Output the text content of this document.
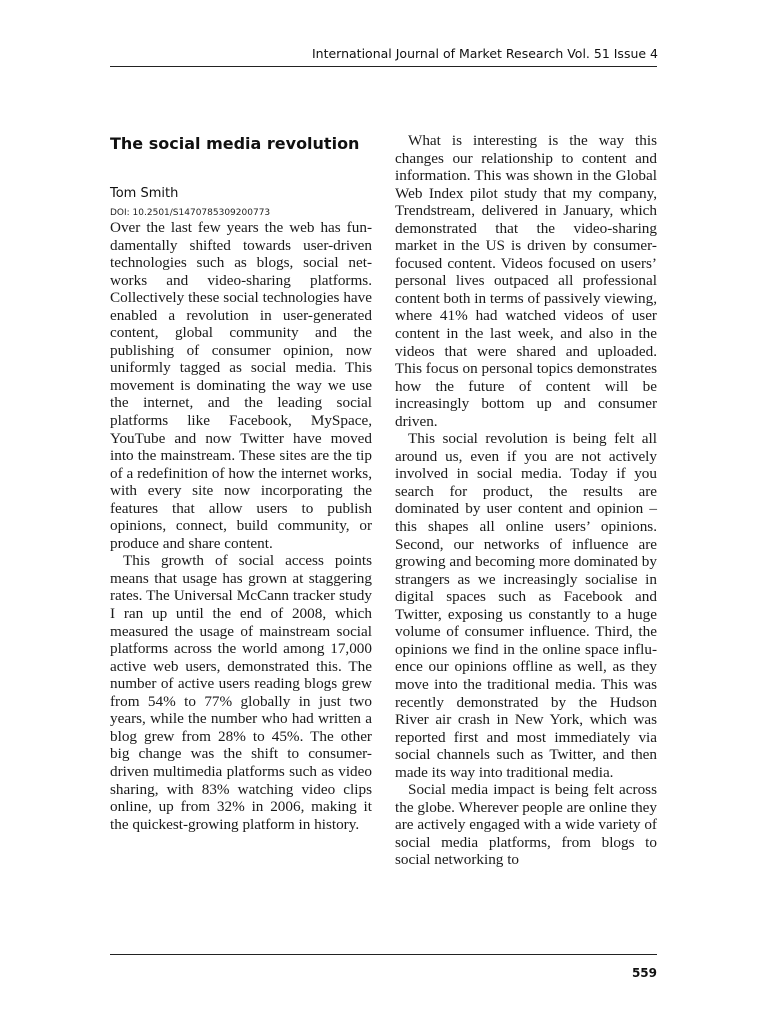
International Journal of Market Research Vol. 51 Issue 4
The social media revolution
Tom Smith
DOI: 10.2501/S1470785309200773

Over the last few years the web has fundamentally shifted towards user-driven technologies such as blogs, social networks and video-sharing platforms. Collectively these social technologies have enabled a revolution in user-generated content, global community and the publishing of consumer opinion, now uniformly tagged as social media. This movement is dominating the way we use the internet, and the leading social platforms like Facebook, MySpace, YouTube and now Twitter have moved into the mainstream. These sites are the tip of a redefinition of how the internet works, with every site now incorporating the features that allow users to publish opinions, connect, build community, or produce and share content.

This growth of social access points means that usage has grown at staggering rates. The Universal McCann tracker study I ran up until the end of 2008, which measured the usage of mainstream social platforms across the world among 17,000 active web users, demonstrated this. The number of active users reading blogs grew from 54% to 77% globally in just two years, while the number who had written a blog grew from 28% to 45%. The other big change was the shift to consumer-driven multimedia platforms such as video sharing, with 83% watching video clips online, up from 32% in 2006, making it the quickest-growing platform in history.

What is interesting is the way this changes our relationship to content and information. This was shown in the Global Web Index pilot study that my company, Trendstream, delivered in January, which demonstrated that the video-sharing market in the US is driven by consumer-focused content. Videos focused on users’ personal lives outpaced all professional content both in terms of passively viewing, where 41% had watched videos of user content in the last week, and also in the videos that were shared and uploaded. This focus on personal topics demonstrates how the future of content will be increasingly bottom up and consumer driven.

This social revolution is being felt all around us, even if you are not actively involved in social media. Today if you search for product, the results are dominated by user content and opinion – this shapes all online users’ opinions. Second, our networks of influence are growing and becoming more dominated by strangers as we increasingly socialise in digital spaces such as Facebook and Twitter, exposing us constantly to a huge volume of consumer influence. Third, the opinions we find in the online space influence our opinions offline as well, as they move into the traditional media. This was recently demonstrated by the Hudson River air crash in New York, which was reported first and most immediately via social channels such as Twitter, and then made its way into traditional media.

Social media impact is being felt across the globe. Wherever people are online they are actively engaged with a wide variety of social media platforms, from blogs to social networking to

559
